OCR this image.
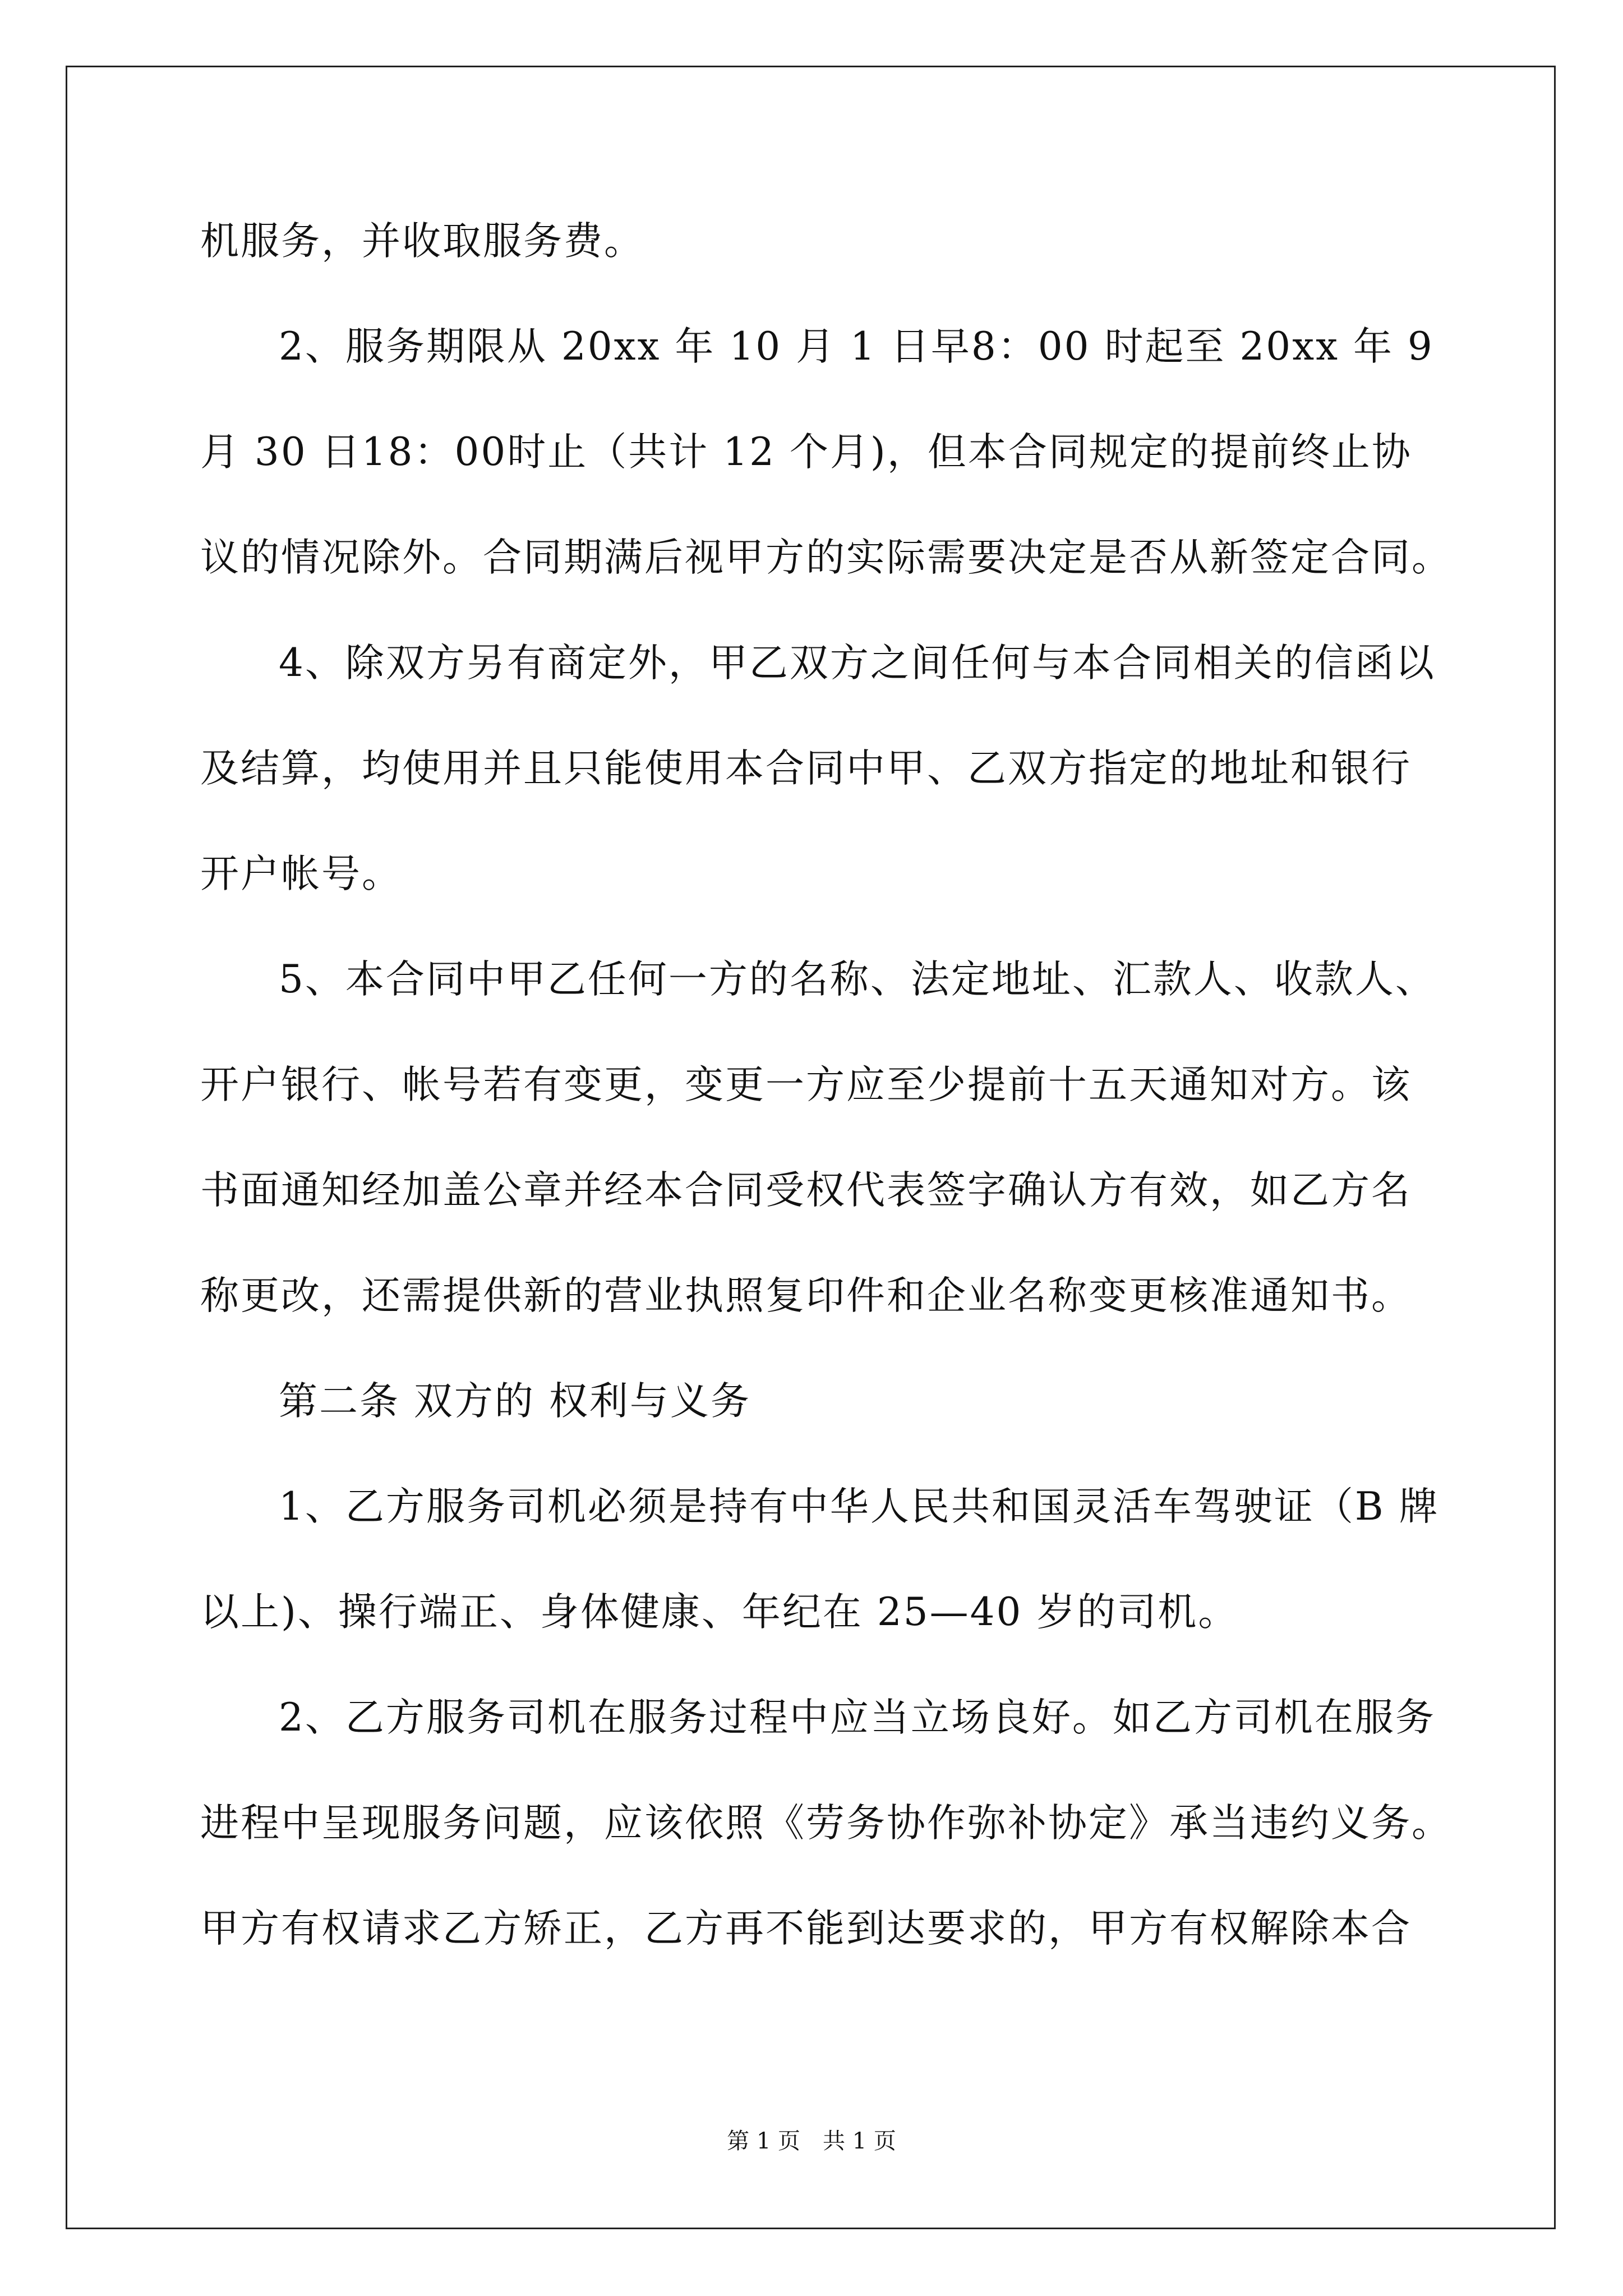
机服务，并收取服务费。

2、服务期限从 20xx 年 10 月 1 日早8：00 时起至 20xx 年 9

月 30 日18：00时止（共计 12 个月)，但本合同规定的提前终止协

议的情况除外。合同期满后视甲方的实际需要决定是否从新签定合同。

4、除双方另有商定外，甲乙双方之间任何与本合同相关的信函以

及结算，均使用并且只能使用本合同中甲、乙双方指定的地址和银行

开户帐号。

5、本合同中甲乙任何一方的名称、法定地址、汇款人、收款人、

开户银行、帐号若有变更，变更一方应至少提前十五天通知对方。该

书面通知经加盖公章并经本合同受权代表签字确认方有效，如乙方名

称更改，还需提供新的营业执照复印件和企业名称变更核准通知书。

第二条 双方的 权利与义务

1、乙方服务司机必须是持有中华人民共和国灵活车驾驶证（B 牌

以上)、操行端正、身体健康、年纪在 25—40 岁的司机。

2、乙方服务司机在服务过程中应当立场良好。如乙方司机在服务

进程中呈现服务问题，应该依照《劳务协作弥补协定》承当违约义务。

甲方有权请求乙方矫正，乙方再不能到达要求的，甲方有权解除本合

第 1 页　共 1 页
